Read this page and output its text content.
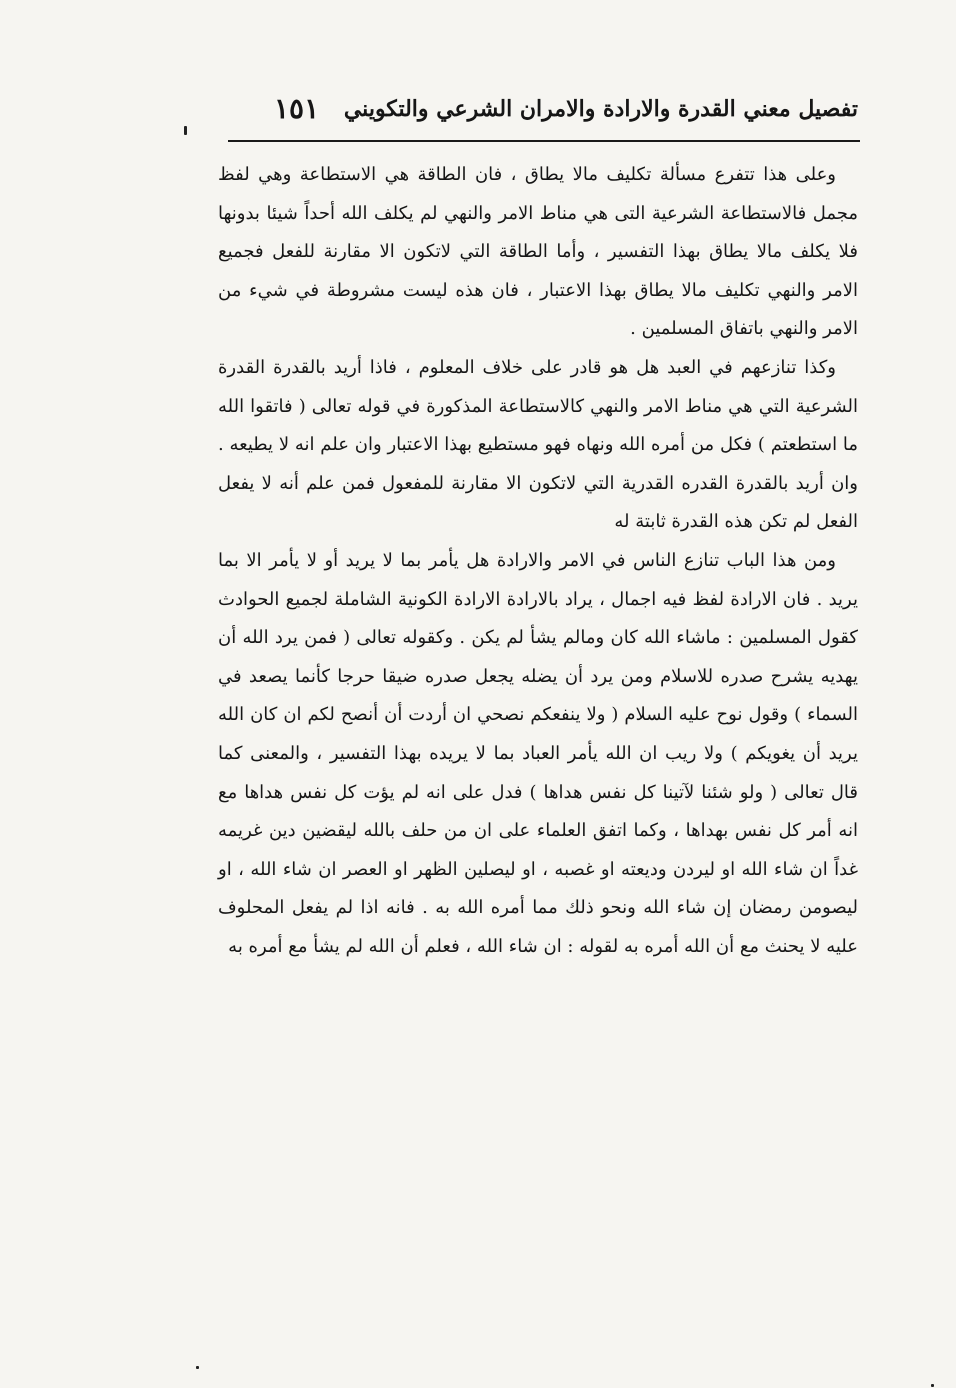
تفصيل معني القدرة والارادة والامران الشرعي والتكويني
١٥١

وعلى هذا تتفرع مسألة تكليف مالا يطاق ، فان الطاقة هي الاستطاعة وهي لفظ مجمل فالاستطاعة الشرعية التى هي مناط الامر والنهي لم يكلف الله أحداً شيئا بدونها فلا يكلف مالا يطاق بهذا التفسير ، وأما الطاقة التي لاتكون الا مقارنة للفعل فجميع الامر والنهي تكليف مالا يطاق بهذا الاعتبار ، فان هذه ليست مشروطة في شيء من الامر والنهي باتفاق المسلمين .

وكذا تنازعهم في العبد هل هو قادر على خلاف المعلوم ، فاذا أريد بالقدرة القدرة الشرعية التي هي مناط الامر والنهي كالاستطاعة المذكورة في قوله تعالى ( فاتقوا الله ما استطعتم ) فكل من أمره الله ونهاه فهو مستطيع بهذا الاعتبار وان علم انه لا يطيعه . وان أريد بالقدرة القدره القدرية التي لاتكون الا مقارنة للمفعول فمن علم أنه لا يفعل الفعل لم تكن هذه القدرة ثابتة له

ومن هذا الباب تنازع الناس في الامر والارادة هل يأمر بما لا يريد أو لا يأمر الا بما يريد . فان الارادة لفظ فيه اجمال ، يراد بالارادة الارادة الكونية الشاملة لجميع الحوادث كقول المسلمين : ماشاء الله كان ومالم يشأ لم يكن . وكقوله تعالى ( فمن يرد الله أن يهديه يشرح صدره للاسلام ومن يرد أن يضله يجعل صدره ضيقا حرجا كأنما يصعد في السماء ) وقول نوح عليه السلام ( ولا ينفعكم نصحي ان أردت أن أنصح لكم ان كان الله يريد أن يغويكم ) ولا ريب ان الله يأمر العباد بما لا يريده بهذا التفسير ، والمعنى كما قال تعالى ( ولو شئنا لآتينا كل نفس هداها ) فدل على انه لم يؤت كل نفس هداها مع انه أمر كل نفس بهداها ، وكما اتفق العلماء على ان من حلف بالله ليقضين دين غريمه غداً ان شاء الله او ليردن وديعته او غصبه ، او ليصلين الظهر او العصر ان شاء الله ، او ليصومن رمضان إن شاء الله ونحو ذلك مما أمره الله به . فانه اذا لم يفعل المحلوف عليه لا يحنث مع أن الله أمره به لقوله : ان شاء الله ، فعلم أن الله لم يشأ مع أمره به
